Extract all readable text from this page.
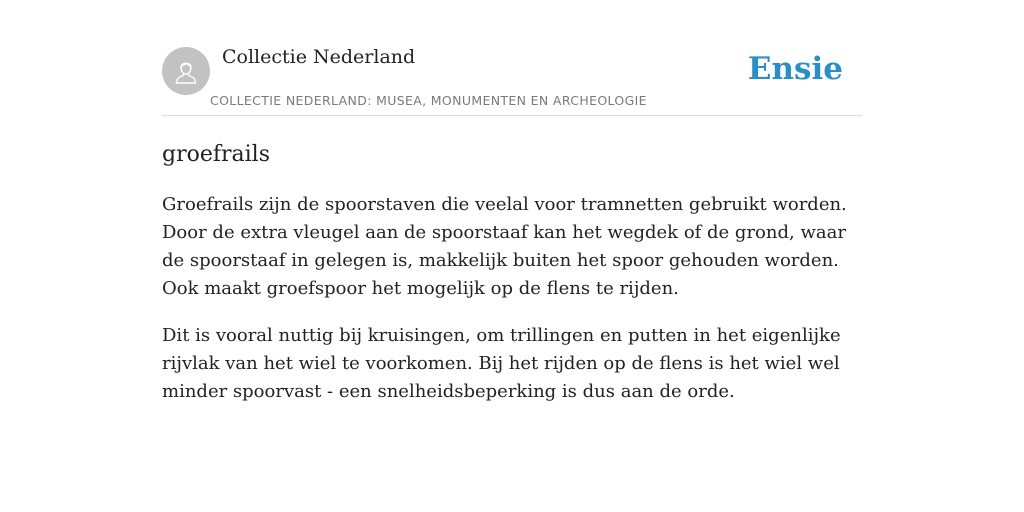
Collectie Nederland
COLLECTIE NEDERLAND: MUSEA, MONUMENTEN EN ARCHEOLOGIE
Ensie
groefrails

Groefrails zijn de spoorstaven die veelal voor tramnetten gebruikt worden. Door de extra vleugel aan de spoorstaaf kan het wegdek of de grond, waar de spoorstaaf in gelegen is, makkelijk buiten het spoor gehouden worden. Ook maakt groefspoor het mogelijk op de flens te rijden.

Dit is vooral nuttig bij kruisingen, om trillingen en putten in het eigenlijke rijvlak van het wiel te voorkomen. Bij het rijden op de flens is het wiel wel minder spoorvast - een snelheidsbeperking is dus aan de orde.
